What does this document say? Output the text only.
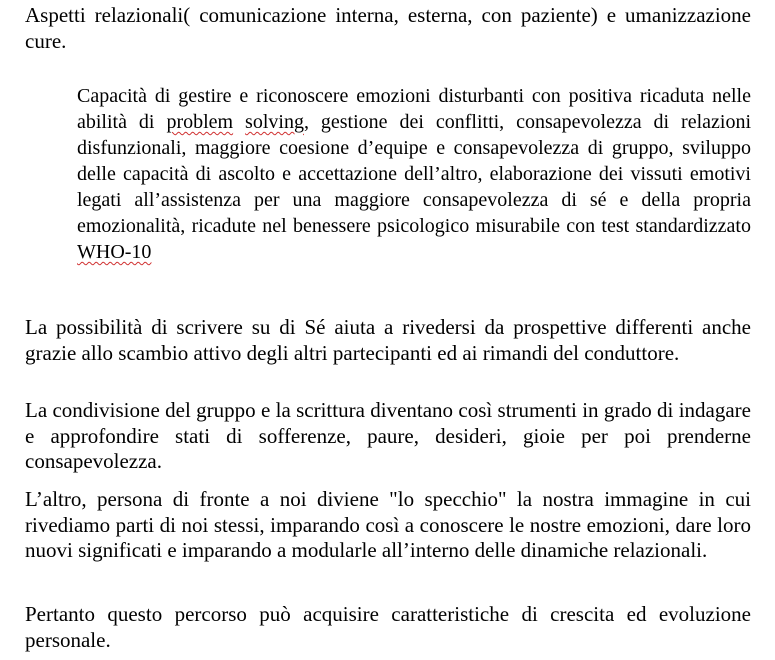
Aspetti relazionali( comunicazione interna, esterna, con paziente) e umanizzazione cure.

Capacità di gestire e riconoscere emozioni disturbanti con positiva ricaduta nelle abilità di problem solving, gestione dei conflitti, consapevolezza di relazioni disfunzionali, maggiore coesione d’equipe e consapevolezza di gruppo, sviluppo delle capacità di ascolto e accettazione dell’altro, elaborazione dei vissuti emotivi legati all’assistenza per una maggiore consapevolezza di sé e della propria emozionalità, ricadute nel benessere psicologico misurabile con test standardizzato WHO-10

La possibilità di scrivere su di Sé aiuta a rivedersi da prospettive differenti anche grazie allo scambio attivo degli altri partecipanti ed ai rimandi del conduttore.

La condivisione del gruppo e la scrittura diventano così strumenti in grado di indagare e approfondire stati di sofferenze, paure, desideri, gioie per poi prenderne consapevolezza.

L’altro, persona di fronte a noi diviene "lo specchio" la nostra immagine in cui rivediamo parti di noi stessi, imparando così a conoscere le nostre emozioni, dare loro nuovi significati e imparando a modularle all’interno delle dinamiche relazionali.

Pertanto questo percorso può acquisire caratteristiche di crescita ed evoluzione personale.
